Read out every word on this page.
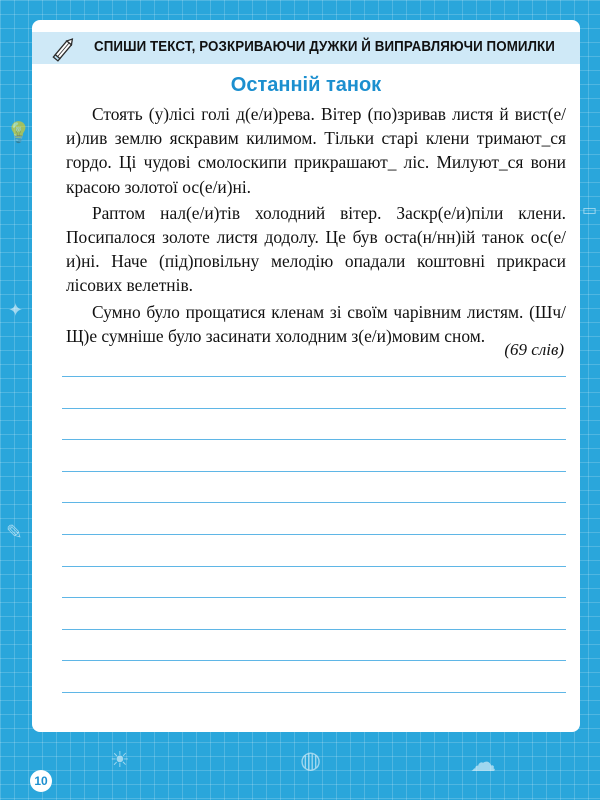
💡
✦
✎
▭
☁
◍
☀
СПИШИ ТЕКСТ, РОЗКРИВАЮЧИ ДУЖКИ Й ВИПРАВЛЯЮЧИ ПОМИЛКИ
Останній танок

Стоять (у)лісі голі д(е/и)рева. Вітер (по)зривав листя й вист(е/и)лив землю яскравим килимом. Тільки старі клени тримают_ся гордо. Ці чудові смолоскипи прикрашают_ ліс. Милуют_ся вони красою золотої ос(е/и)ні.

Раптом нал(е/и)тів холодний вітер. Заскр(е/и)піли клени. Посипалося золоте листя додолу. Це був оста(н/нн)ій танок ос(е/и)ні. Наче (під)повільну мелодію опадали коштовні прикраси лісових велетнів.

Сумно було прощатися кленам зі своїм чарівним листям. (Шч/Щ)е сумніше було засинати холодним з(е/и)мовим сном.

(69 слів)
10
